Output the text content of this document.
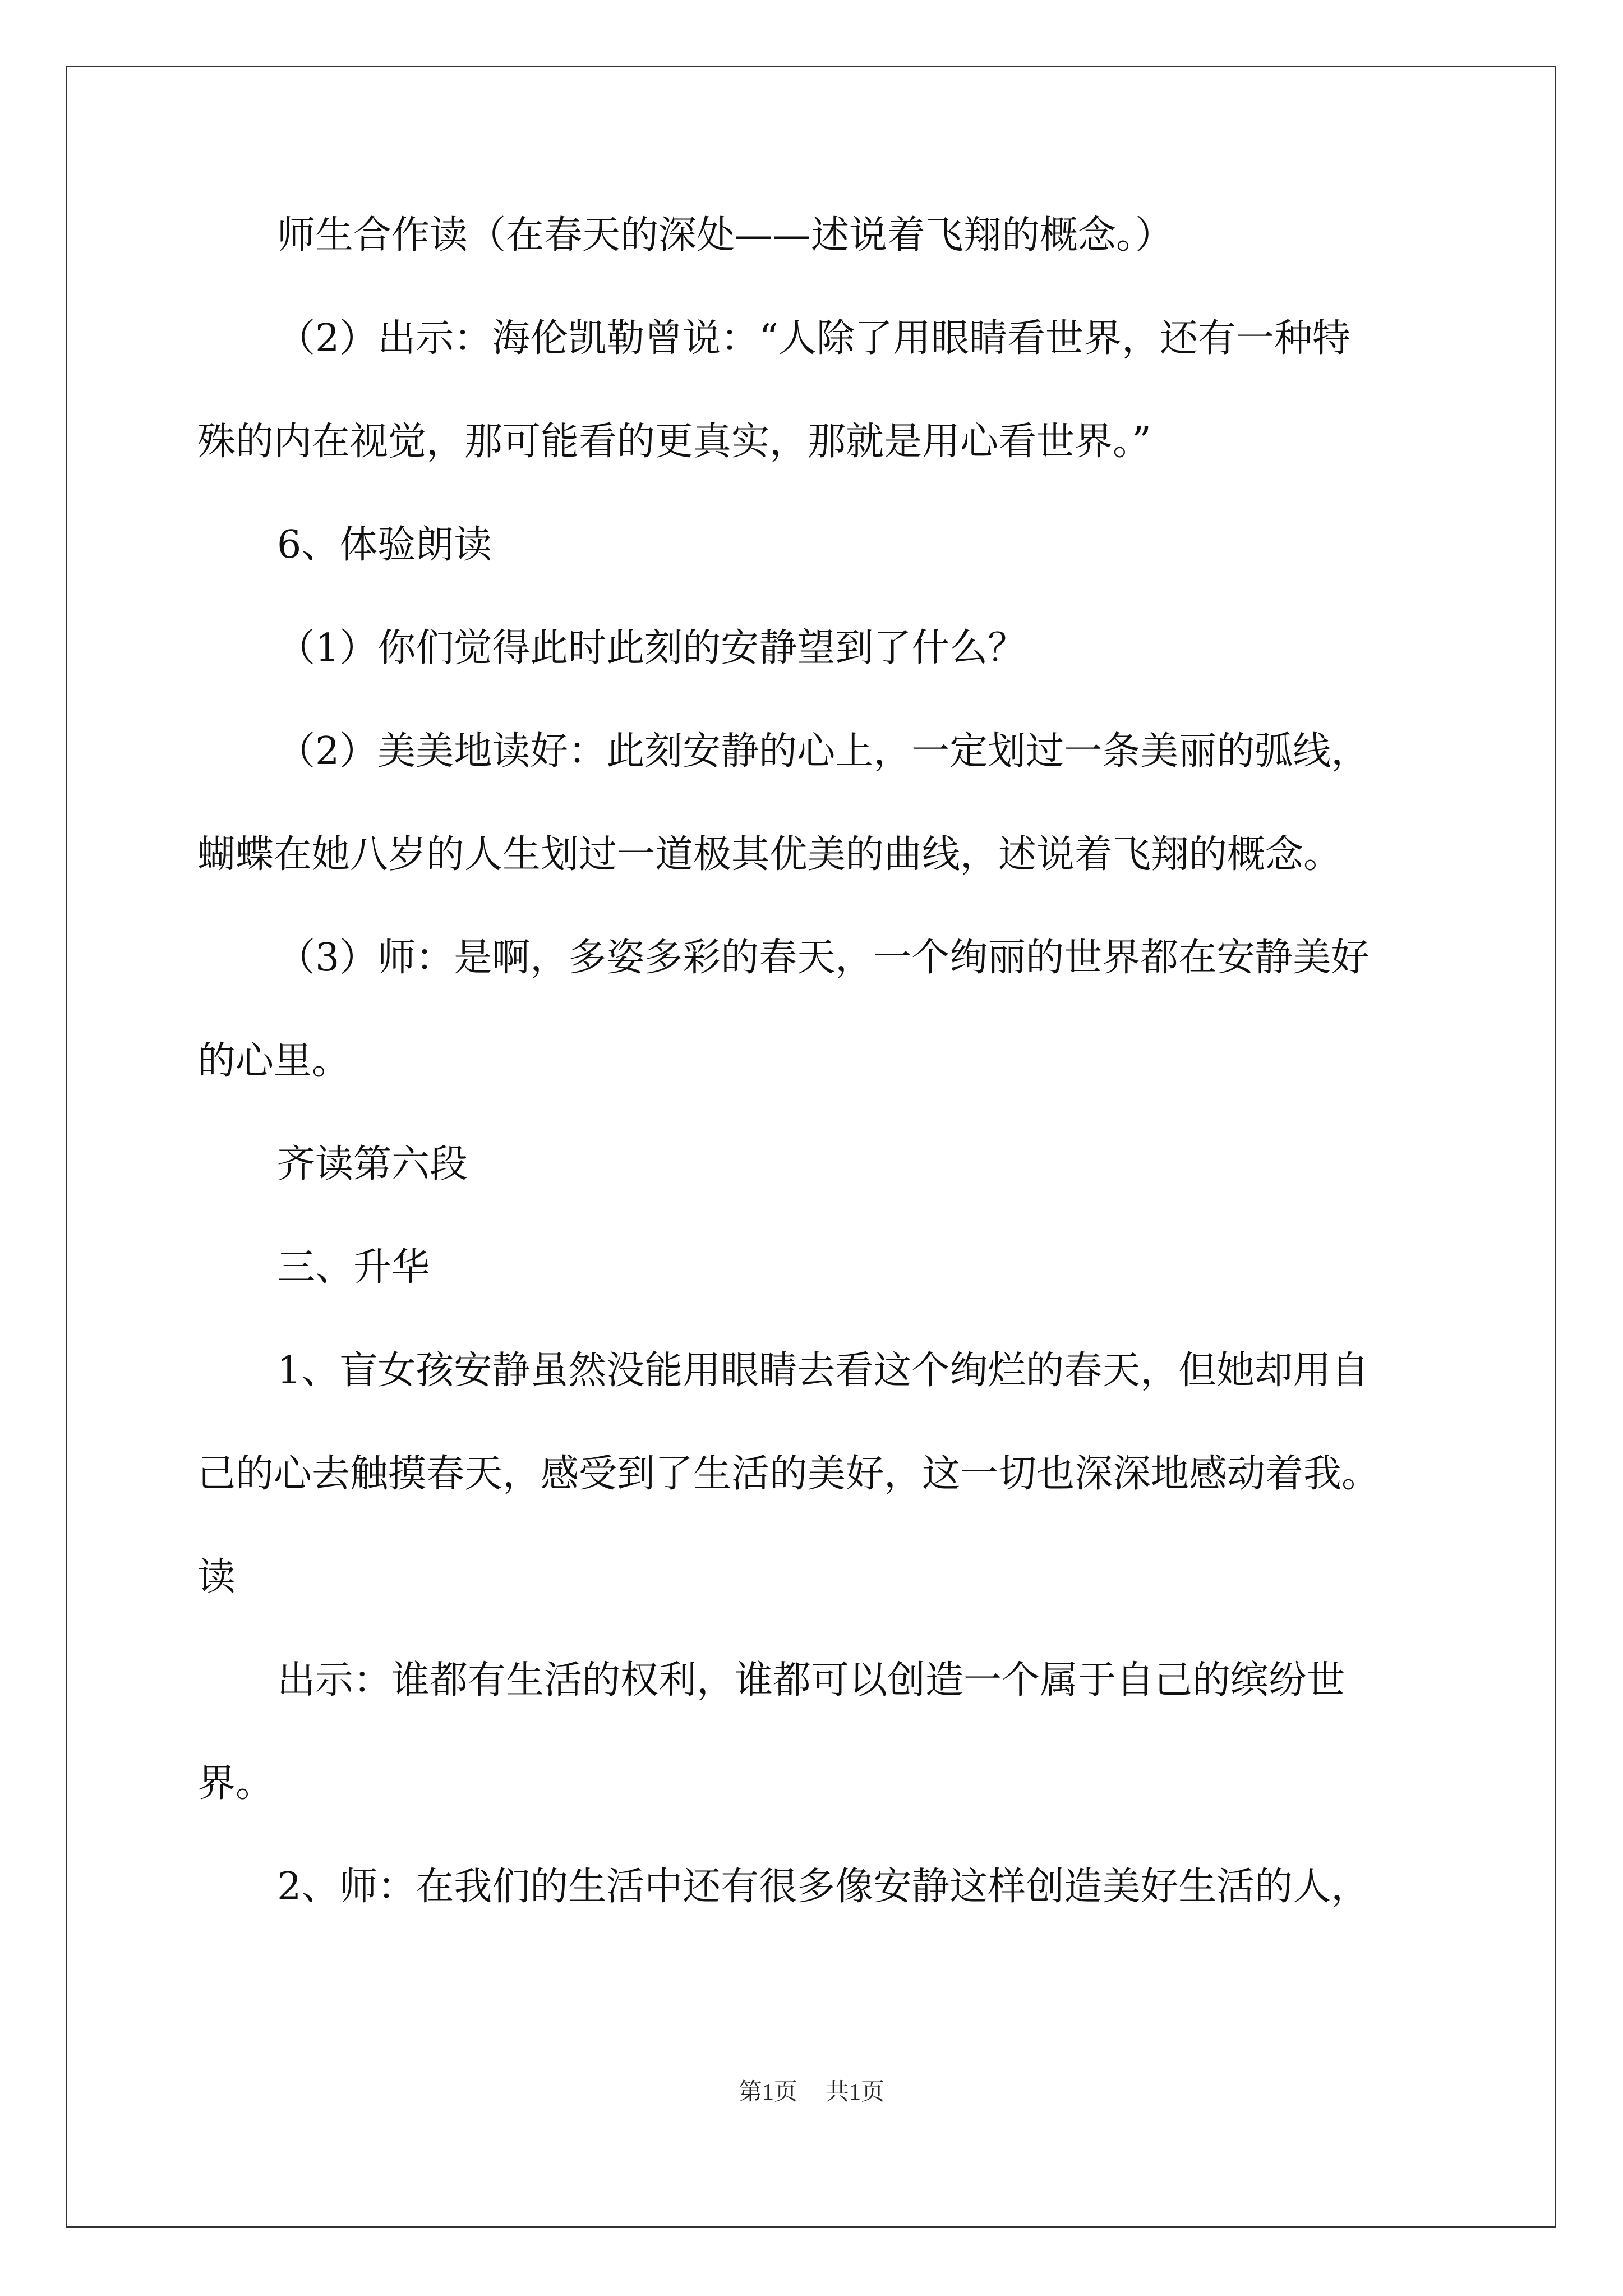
师生合作读（在春天的深处——述说着飞翔的概念。）
（2）出示：海伦凯勒曾说：“人除了用眼睛看世界，还有一种特
殊的内在视觉，那可能看的更真实，那就是用心看世界。”
6、体验朗读
（1）你们觉得此时此刻的安静望到了什么？
（2）美美地读好：此刻安静的心上，一定划过一条美丽的弧线，
蝴蝶在她八岁的人生划过一道极其优美的曲线，述说着飞翔的概念。
（3）师：是啊，多姿多彩的春天，一个绚丽的世界都在安静美好
的心里。
齐读第六段
三、升华
1、盲女孩安静虽然没能用眼睛去看这个绚烂的春天，但她却用自
己的心去触摸春天，感受到了生活的美好，这一切也深深地感动着我。
读
出示：谁都有生活的权利，谁都可以创造一个属于自己的缤纷世
界。
2、师：在我们的生活中还有很多像安静这样创造美好生活的人，
第1页 共1页
